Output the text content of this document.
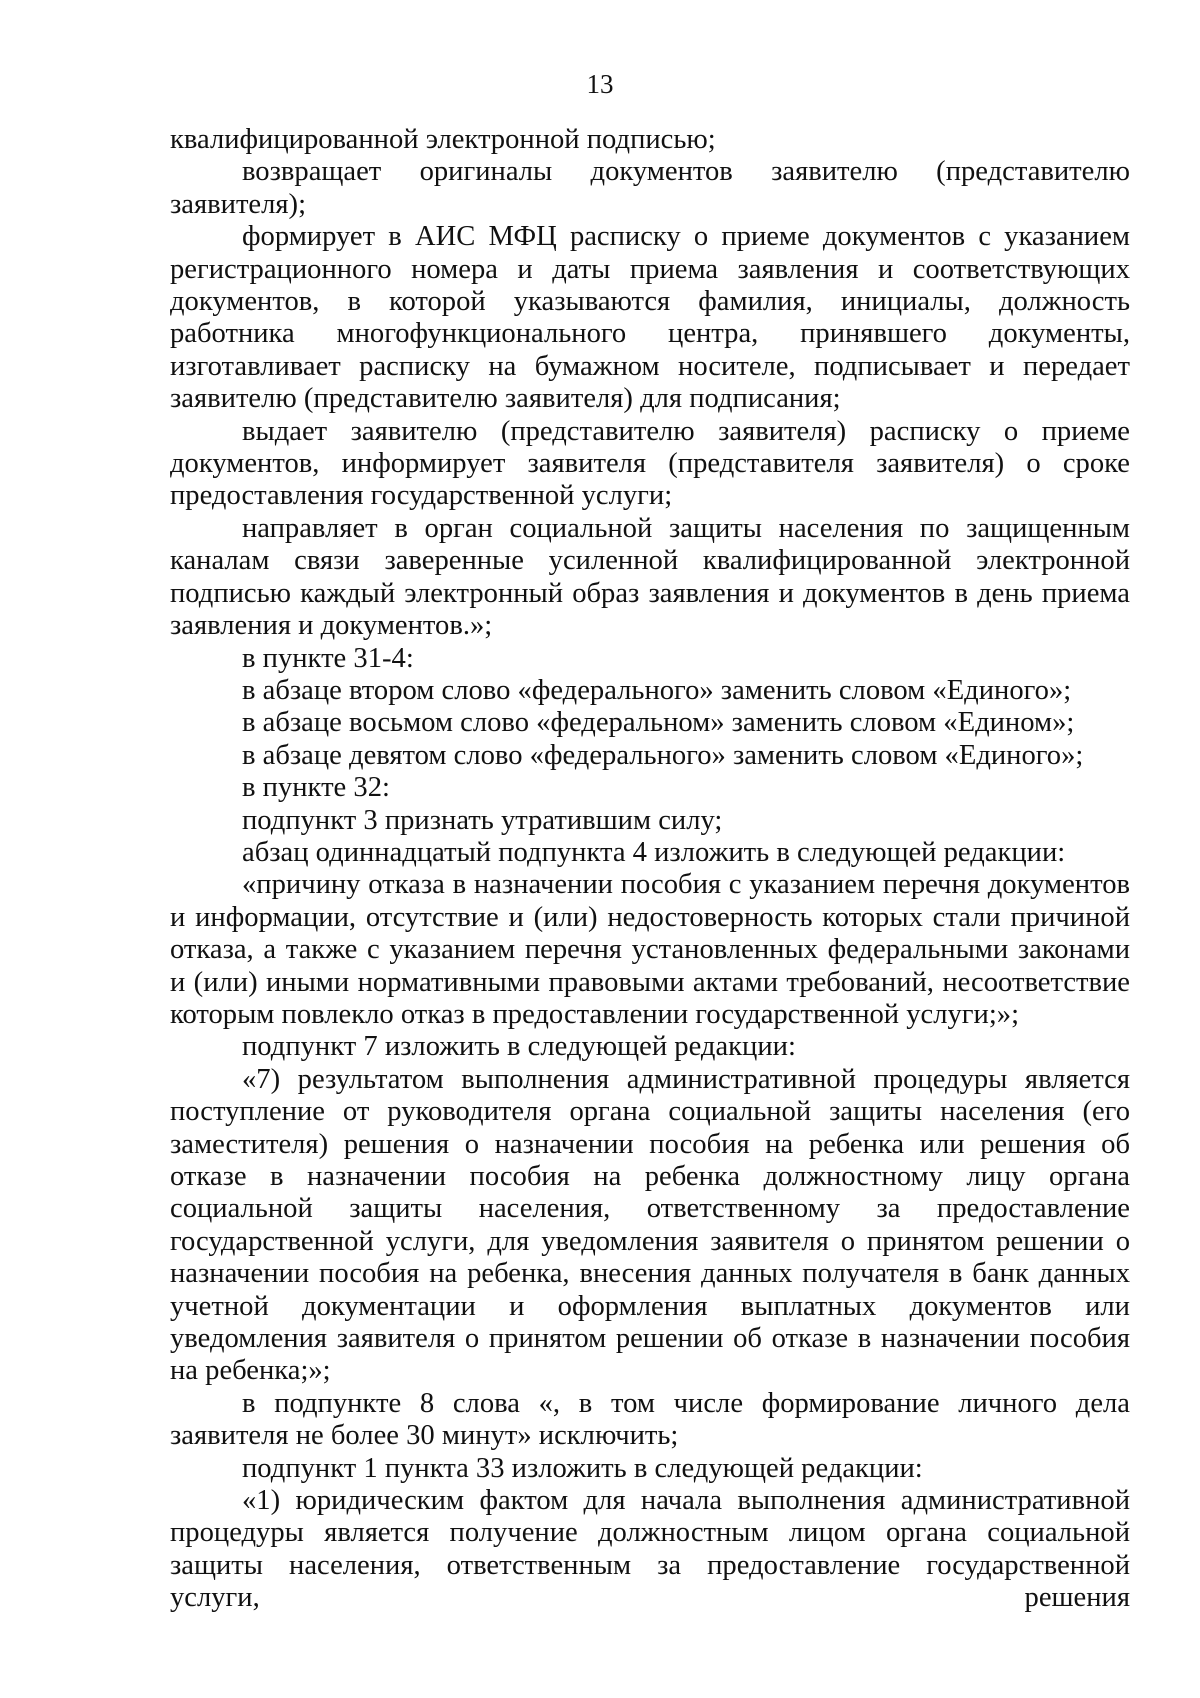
13

квалифицированной электронной подписью;

возвращает оригиналы документов заявителю (представителю заявителя);

формирует в АИС МФЦ расписку о приеме документов с указанием регистрационного номера и даты приема заявления и соответствующих документов, в которой указываются фамилия, инициалы, должность работника многофункционального центра, принявшего документы, изготавливает расписку на бумажном носителе, подписывает и передает заявителю (представителю заявителя) для подписания;

выдает заявителю (представителю заявителя) расписку о приеме документов, информирует заявителя (представителя заявителя) о сроке предоставления государственной услуги;

направляет в орган социальной защиты населения по защищенным каналам связи заверенные усиленной квалифицированной электронной подписью каждый электронный образ заявления и документов в день приема заявления и документов.»;

в пункте 31-4:

в абзаце втором слово «федерального» заменить словом «Единого»;

в абзаце восьмом слово «федеральном» заменить словом «Едином»;

в абзаце девятом слово «федерального» заменить словом «Единого»;

в пункте 32:

подпункт 3 признать утратившим силу;

абзац одиннадцатый подпункта 4 изложить в следующей редакции:

«причину отказа в назначении пособия с указанием перечня документов и информации, отсутствие и (или) недостоверность которых стали причиной отказа, а также с указанием перечня установленных федеральными законами и (или) иными нормативными правовыми актами требований, несоответствие которым повлекло отказ в предоставлении государственной услуги;»;

подпункт 7 изложить в следующей редакции:

«7) результатом выполнения административной процедуры является поступление от руководителя органа социальной защиты населения (его заместителя) решения о назначении пособия на ребенка или решения об отказе в назначении пособия на ребенка должностному лицу органа социальной защиты населения, ответственному за предоставление государственной услуги, для уведомления заявителя о принятом решении о назначении пособия на ребенка, внесения данных получателя в банк данных учетной документации и оформления выплатных документов или уведомления заявителя о принятом решении об отказе в назначении пособия на ребенка;»;

в подпункте 8 слова «, в том числе формирование личного дела заявителя не более 30 минут» исключить;

подпункт 1 пункта 33 изложить в следующей редакции:

«1) юридическим фактом для начала выполнения административной процедуры является получение должностным лицом органа социальной защиты населения, ответственным за предоставление государственной услуги, решения
